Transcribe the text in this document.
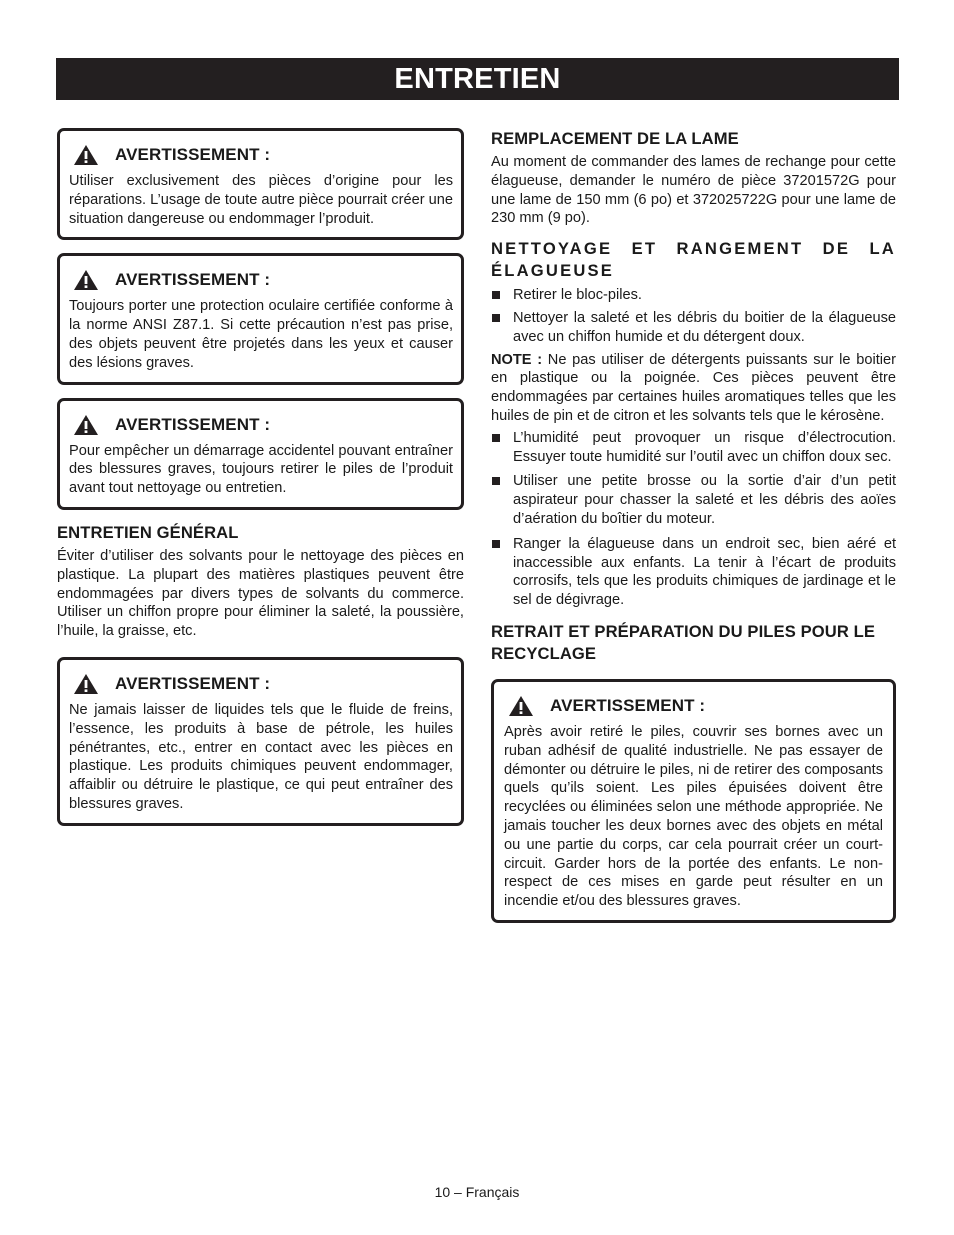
ENTRETIEN
AVERTISSEMENT :

Utiliser exclusivement des pièces d’origine pour les réparations. L’usage de toute autre pièce pourrait créer une situation dangereuse ou endommager l’produit.

AVERTISSEMENT :

Toujours porter une protection oculaire certifiée conforme à la norme ANSI Z87.1. Si cette précaution n’est pas prise, des objets peuvent être projetés dans les yeux et causer des lésions graves.

AVERTISSEMENT :

Pour empêcher un démarrage accidentel pouvant entraîner des blessures graves, toujours retirer le piles de l’produit avant tout nettoyage ou entretien.

ENTRETIEN GÉNÉRAL

Éviter d’utiliser des solvants pour le nettoyage des pièces en plastique. La plupart des matières plastiques peuvent être endommagées par divers types de solvants du commerce. Utiliser un chiffon propre pour éliminer la saleté, la poussière, l’huile, la graisse, etc.

AVERTISSEMENT :

Ne jamais laisser de liquides tels que le fluide de freins, l’essence, les produits à base de pétrole, les huiles pénétrantes, etc., entrer en contact avec les pièces en plastique. Les produits chimiques peuvent endommager, affaiblir ou détruire le plastique, ce qui peut entraîner des blessures graves.

REMPLACEMENT DE LA LAME

Au moment de commander des lames de rechange pour cette élagueuse, demander le numéro de pièce 37201572G pour une lame de 150 mm (6 po) et 372025722G pour une lame de 230 mm (9 po).

NETTOYAGE ET RANGEMENT DE LA ÉLAGUEUSE
Retirer le bloc-piles.
Nettoyer la saleté et les débris du boitier de la élagueuse avec un chiffon humide et du détergent doux.

NOTE : Ne pas utiliser de détergents puissants sur le boitier en plastique ou la poignée. Ces pièces peuvent être endommagées par certaines huiles aromatiques telles que les huiles de pin et de citron et les solvants tels que le kérosène.

L’humidité peut provoquer un risque d’électrocution. Essuyer toute humidité sur l’outil avec un chiffon doux sec.
Utiliser une petite brosse ou la sortie d’air d’un petit aspirateur pour chasser la saleté et les débris des aoïes d’aération du boîtier du moteur.
Ranger la élagueuse dans un endroit sec, bien aéré et inaccessible aux enfants. La tenir à l’écart de produits corrosifs, tels que les produits chimiques de jardinage et le sel de dégivrage.
RETRAIT ET PRÉPARATION DU PILES POUR LE RECYCLAGE
AVERTISSEMENT :

Après avoir retiré le piles, couvrir ses bornes avec un ruban adhésif de qualité industrielle. Ne pas essayer de démonter ou détruire le piles, ni de retirer des composants quels qu’ils soient. Les piles épuisées doivent être recyclées ou éliminées selon une méthode appropriée. Ne jamais toucher les deux bornes avec des objets en métal ou une partie du corps, car cela pourrait créer un court-circuit. Garder hors de la portée des enfants. Le non-respect de ces mises en garde peut résulter en un incendie et/ou des blessures graves.

10 – Français
